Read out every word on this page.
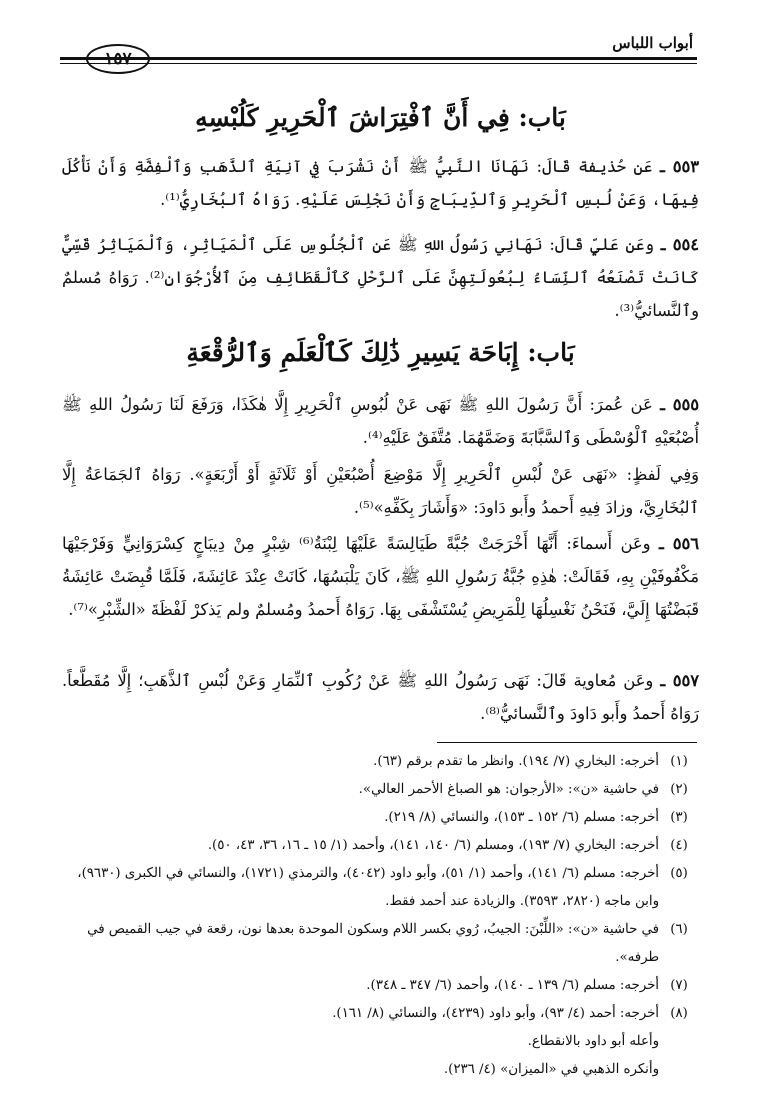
أبواب اللباس
بَاب: فِي أَنَّ ٱفْتِرَاشَ ٱلْحَرِيرِ كَلُبْسِهِ
٥٥٣ ـ عَن حُذيفة قَالَ: نَهَانَا النَّبِيُّ ﷺ أَنْ نَشْرَبَ فِي آنِيَةِ ٱلذَّهَبِ وَٱلْفِضَّةِ وَأَنْ نَأْكُلَ فِيهَا، وَعَنْ لُبسِ ٱلْحَرِيرِ وَٱلدِّيبَاجِ وَأَنْ نَجْلِسَ عَلَيْهِ. رَوَاهُ ٱلبُخَارِيُّ⁽¹⁾.
٥٥٤ ـ وعَن عَليٍّ قَالَ: نَهَانِي رَسُولُ اللهِ ﷺ عَنِ ٱلْجُلُوسِ عَلَى ٱلْمَيَاثِرِ، وَٱلْمَيَاثِرُ قَسِّيٌّ كَانَتْ تَصْنَعُهُ ٱلنِّسَاءُ لِبُعُولَتِهِنَّ عَلَى ٱلرَّحْلِ كَٱلْقَطَائِفِ مِنَ ٱلأُرْجُوَانِ⁽²⁾. رَوَاهُ مُسلمٌ وٱلنَّسائيُّ⁽³⁾.
بَاب: إِبَاحَة يَسِيرِ ذَٰلِكَ كَٱلْعَلَمِ وَٱلرُّقْعَةِ
٥٥٥ ـ عَن عُمرَ: أَنَّ رَسُولَ اللهِ ﷺ نَهَى عَنْ لُبُوسِ ٱلْحَرِيرِ إِلَّا هٰكَذَا، وَرَفَعَ لَنَا رَسُولُ اللهِ ﷺ أُصْبُعَيْهِ ٱلْوُسْطَى وَٱلسَّبَّابَةَ وَضَمَّهُمَا. مُتَّفَقٌ عَلَيْهِ⁽⁴⁾.
وَفِي لَفظٍ: «نَهَى عَنْ لُبْسِ ٱلْحَرِيرِ إِلَّا مَوْضِعَ أُصْبُعَيْنِ أَوْ ثَلَاثَةٍ أَوْ أَرْبَعَةٍ». رَوَاهُ ٱلجَمَاعَةُ إِلَّا ٱلبُخَارِيَّ، وزادَ فِيهِ أَحمدُ وأَبو دَاودَ: «وَأَشَارَ بِكَفِّهِ»⁽⁵⁾.
٥٥٦ ـ وعَن أَسماءَ: أَنَّهَا أَخْرَجَتْ جُبَّةً طَيَالِسَةً عَلَيْهَا لِبْنَةُ⁽⁶⁾ شِبْرٍ مِنْ دِيبَاجٍ كِسْرَوَانِيٍّ وَفَرْجَيْهَا مَكْفُوفَيْنِ بِهِ، فَقَالَتْ: هٰذِهِ جُبَّةُ رَسُولِ اللهِ ﷺ، كَانَ يَلْبَسُهَا، كَانَتْ عِنْدَ عَائِشَةَ، فَلَمَّا قُبِضَتْ عَائِشَةُ قَبَضْتُهَا إِلَيَّ، فَنَحْنُ نَغْسِلُهَا لِلْمَرِيضِ يُسْتَشْفَى بِهَا. رَوَاهُ أَحمدُ ومُسلمٌ ولم يَذكرْ لَفْظَةَ «الشِّبْرِ»⁽⁷⁾.
٥٥٧ ـ وعَن مُعاوية قَالَ: نَهَى رَسُولُ اللهِ ﷺ عَنْ رُكُوبِ ٱلنِّمَارِ وَعَنْ لُبْسِ ٱلذَّهَبِ؛ إِلَّا مُقَطَّعاً. رَوَاهُ أَحمدُ وأَبو دَاودَ وٱلنَّسائيُّ⁽⁸⁾.
(١)
أخرجه: البخاري (٧/ ١٩٤). وانظر ما تقدم برقم (٦٣).
(٢)
في حاشية «ن»: «الأرجوان: هو الصباغ الأحمر العالي».
(٣)
أخرجه: مسلم (٦/ ١٥٢ ـ ١٥٣)، والنسائي (٨/ ٢١٩).
(٤)
أخرجه: البخاري (٧/ ١٩٣)، ومسلم (٦/ ١٤٠، ١٤١)، وأحمد (١/ ١٥ ـ ١٦، ٣٦، ٤٣، ٥٠).
(٥)
أخرجه: مسلم (٦/ ١٤١)، وأحمد (١/ ٥١)، وأبو داود (٤٠٤٢)، والترمذي (١٧٢١)، والنسائي في الكبرى (٩٦٣٠)، وابن ماجه (٢٨٢٠، ٣٥٩٣). والزيادة عند أحمد فقط.
(٦)
في حاشية «ن»: «اللِّبْنَ: الجيبُ، رُوي بكسر اللام وسكون الموحدة بعدها نون، رقعة في جيب القميص في طرفه».
(٧)
أخرجه: مسلم (٦/ ١٣٩ ـ ١٤٠)، وأحمد (٦/ ٣٤٧ ـ ٣٤٨).
(٨)
أخرجه: أحمد (٤/ ٩٣)، وأبو داود (٤٢٣٩)، والنسائي (٨/ ١٦١).
وأعله أبو داود بالانقطاع.
وأنكره الذهبي في «الميزان» (٤/ ٢٣٦).
